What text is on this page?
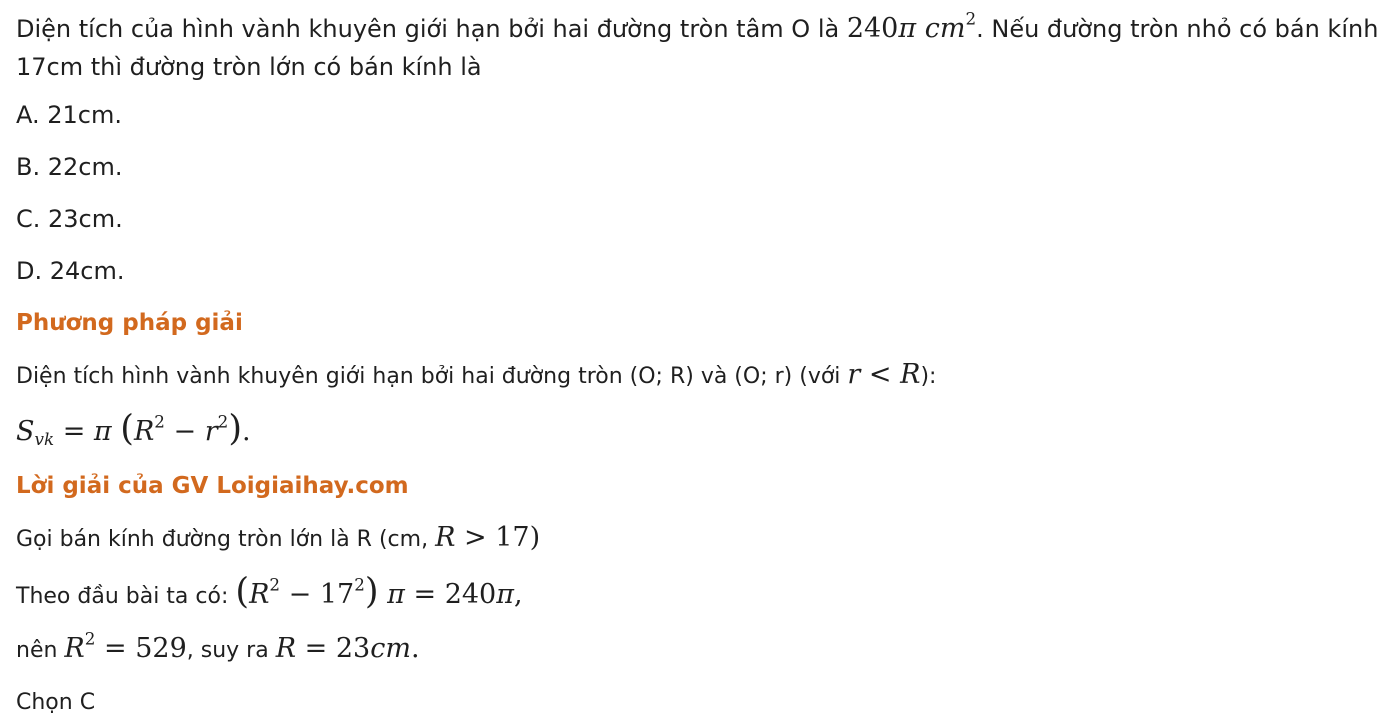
Diện tích của hình vành khuyên giới hạn bởi hai đường tròn tâm O là 240π $cm^2$. Nếu đường tròn nhỏ có bán kính 17cm thì đường tròn lớn có bán kính là

A. 21cm.

B. 22cm.

C. 23cm.

D. 24cm.

Phương pháp giải

Diện tích hình vành khuyên giới hạn bởi hai đường tròn (O; R) và (O; r) (với r < R):

$S_{vk} = \pi$ $(R^2 - r^2)$.

Lời giải của GV Loigiaihay.com

Gọi bán kính đường tròn lớn là R (cm, R > 17)

Theo đầu bài ta có: $(R^2 - 17^2) \pi = 240\pi$,

nên $R^2 = 529$, suy ra R = 23cm.

Chọn C
